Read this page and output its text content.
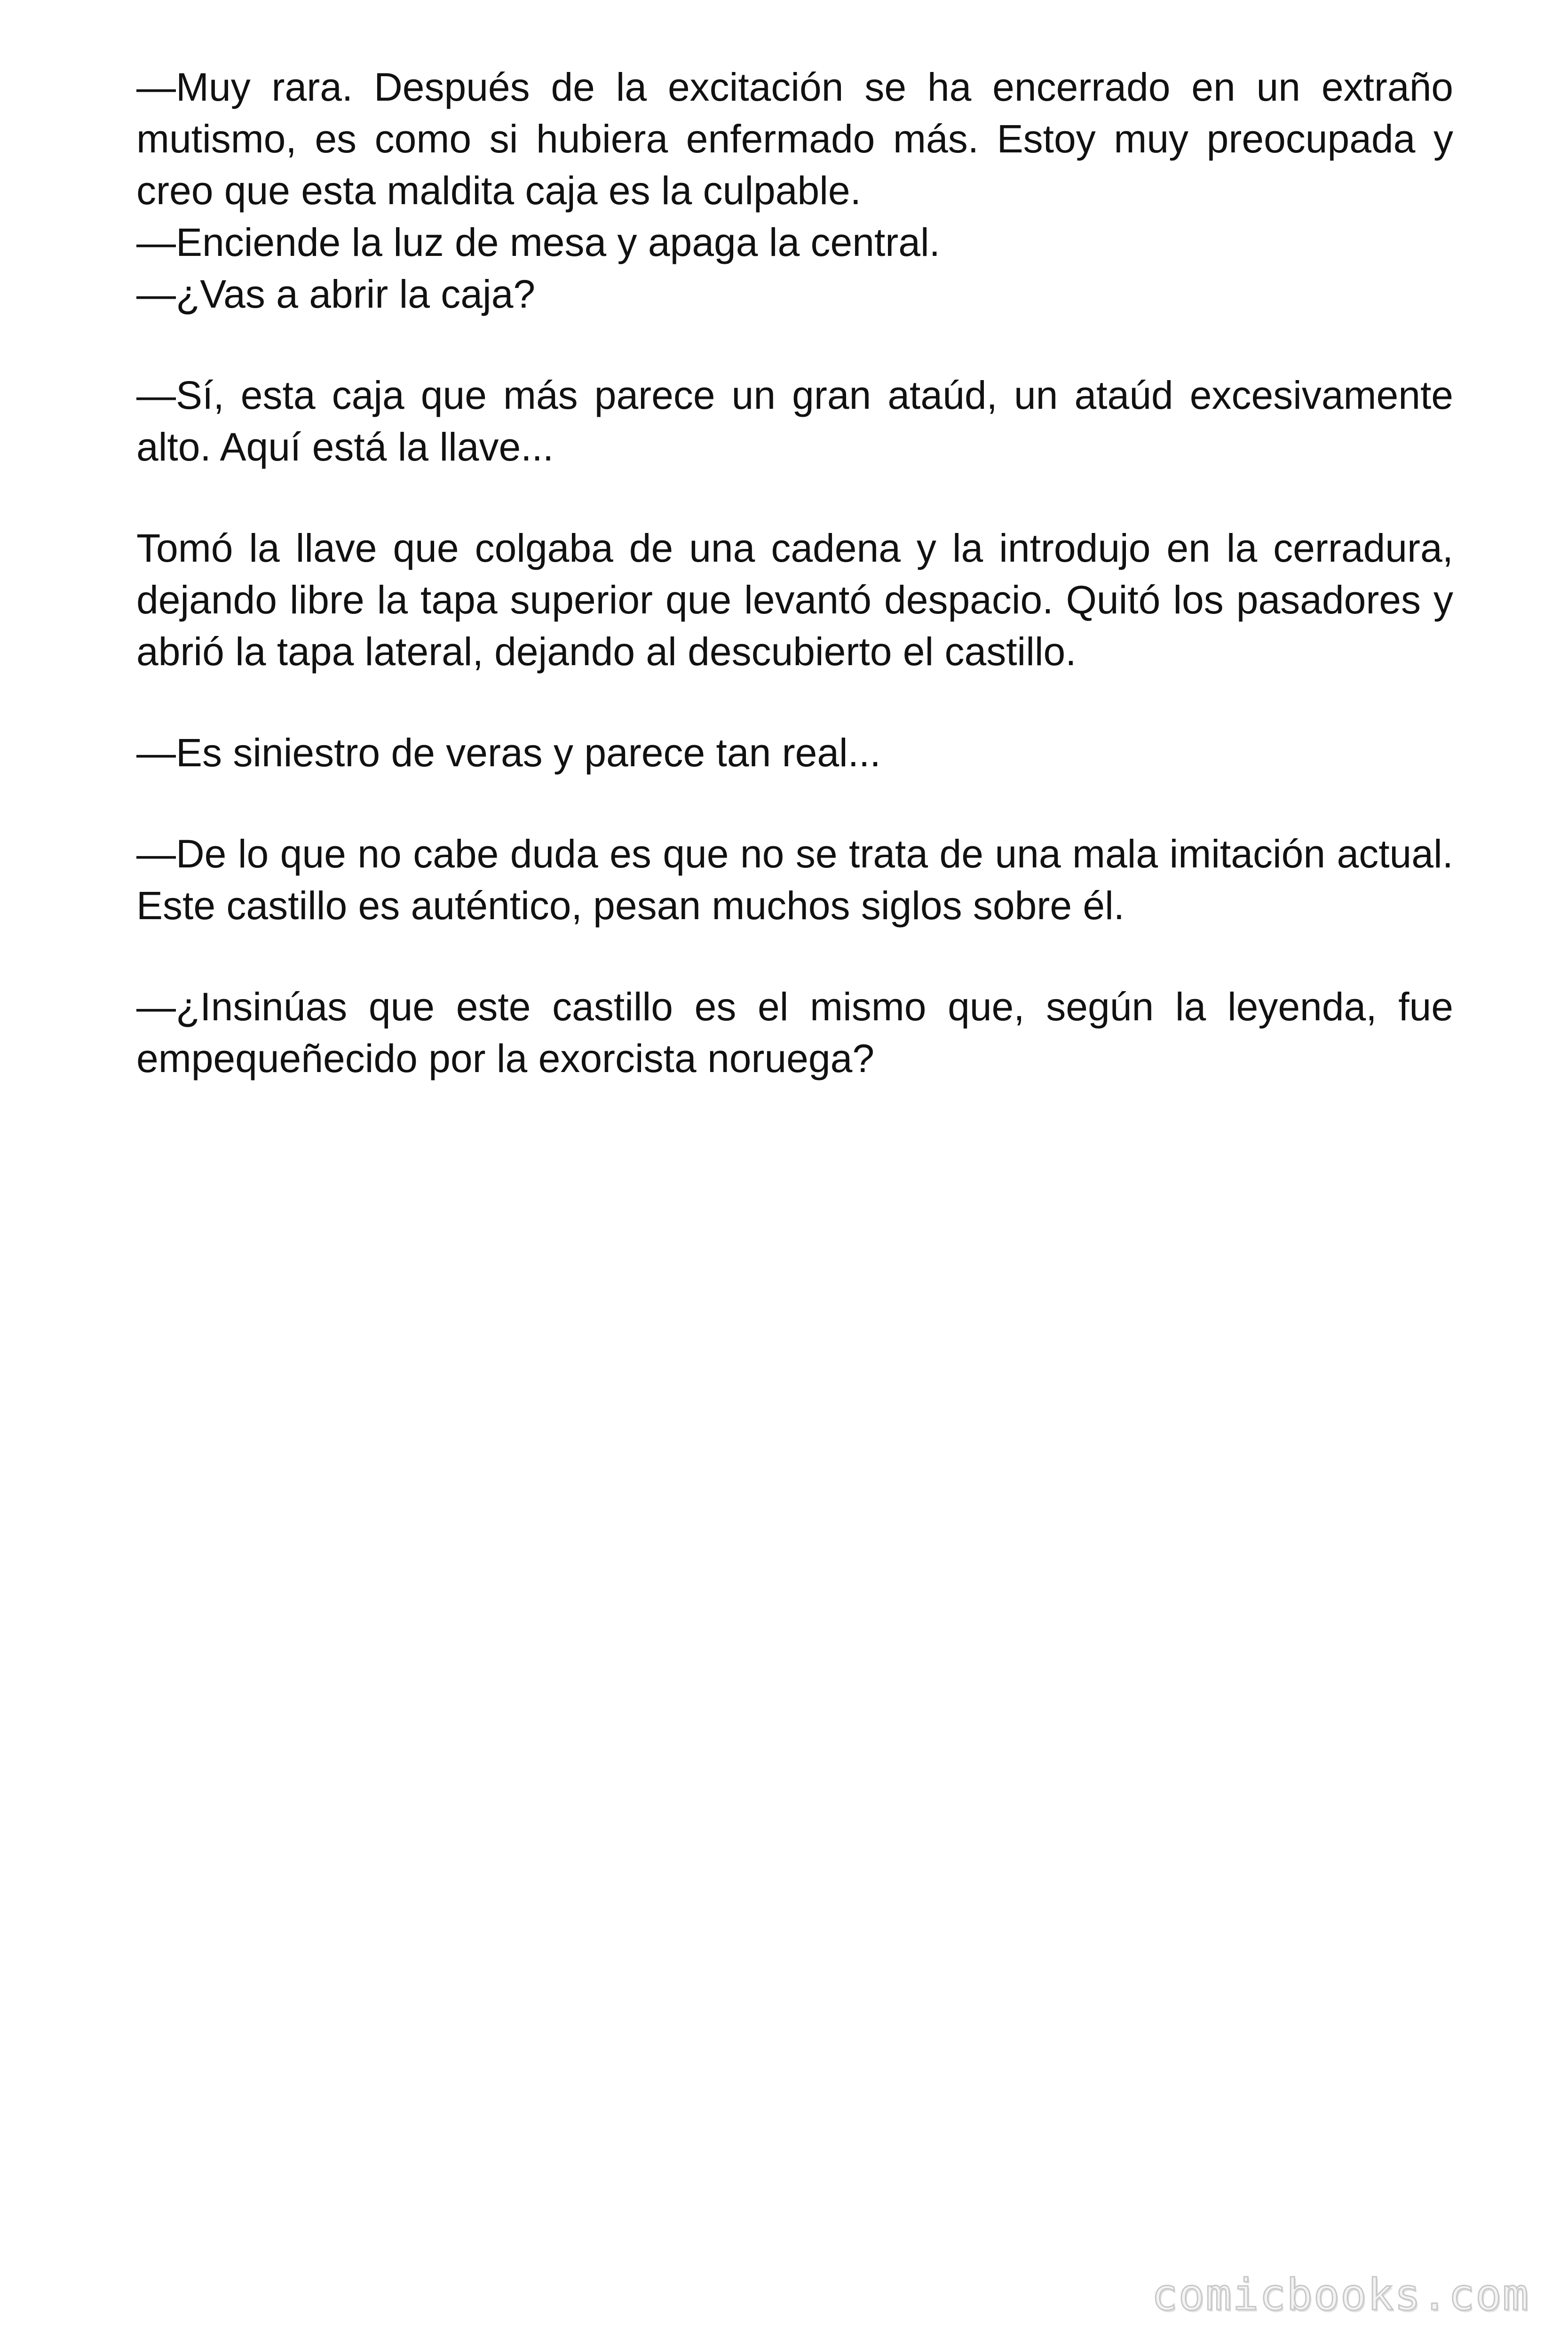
—Muy rara. Después de la excitación se ha encerrado en un extraño mutismo, es como si hubiera enfermado más. Estoy muy preocupada y creo que esta maldita caja es la culpable.

—Enciende la luz de mesa y apaga la central.

—¿Vas a abrir la caja?

—Sí, esta caja que más parece un gran ataúd, un ataúd excesivamente alto. Aquí está la llave...

Tomó la llave que colgaba de una cadena y la introdujo en la cerradura, dejando libre la tapa superior que levantó despacio. Quitó los pasadores y abrió la tapa lateral, dejando al descubierto el castillo.

—Es siniestro de veras y parece tan real...

—De lo que no cabe duda es que no se trata de una mala imitación actual. Este castillo es auténtico, pesan muchos siglos sobre él.

—¿Insinúas que este castillo es el mismo que, según la leyenda, fue empequeñecido por la exorcista noruega?

comicbooks.com
